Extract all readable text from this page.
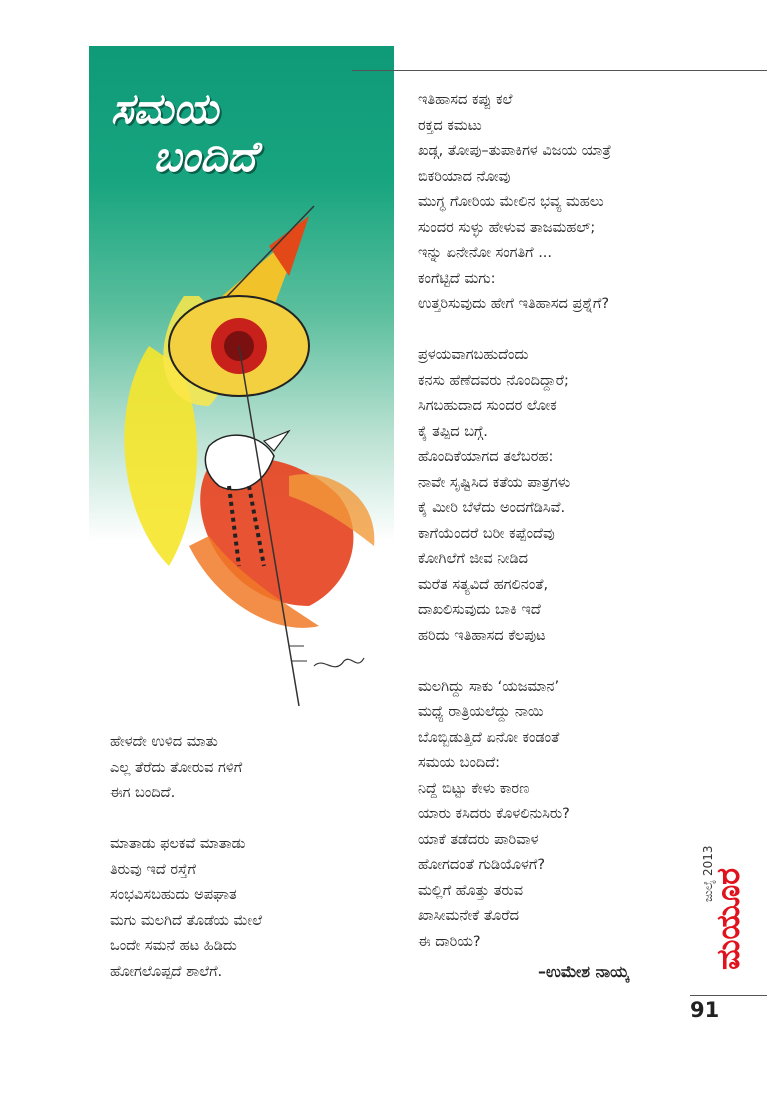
ಸಮಯ
ಬಂದಿದೆ
ಇತಿಹಾಸದ ಕಪ್ಪು ಕಲೆ
ರಕ್ತದ ಕಮಟು
ಖಡ್ಗ, ತೋಪು–ತುಪಾಕಿಗಳ ವಿಜಯ ಯಾತ್ರೆ
ಬಿಕರಿಯಾದ ನೋವು
ಮುಗ್ಧ ಗೋರಿಯ ಮೇಲಿನ ಭವ್ಯ ಮಹಲು
ಸುಂದರ ಸುಳ್ಳು ಹೇಳುವ ತಾಜಮಹಲ್;
ಇನ್ನು ಏನೇನೋ ಸಂಗತಿಗೆ ...
ಕಂಗೆಟ್ಟಿದೆ ಮಗು:
ಉತ್ತರಿಸುವುದು ಹೇಗೆ ಇತಿಹಾಸದ ಪ್ರಶ್ನೆಗೆ?
ಪ್ರಳಯವಾಗಬಹುದೆಂದು
ಕನಸು ಹೆಣೆದವರು ನೊಂದಿದ್ದಾರೆ;
ಸಿಗಬಹುದಾದ ಸುಂದರ ಲೋಕ
ಕೈ ತಪ್ಪಿದ ಬಗ್ಗೆ.
ಹೊಂದಿಕೆಯಾಗದ ತಲೆಬರಹ:
ನಾವೇ ಸೃಷ್ಟಿಸಿದ ಕತೆಯ ಪಾತ್ರಗಳು
ಕೈ ಮೀರಿ ಬೆಳೆದು ಅಂದಗೆಡಿಸಿವೆ.
ಕಾಗೆಯೆಂದರೆ ಬರೀ ಕಪ್ಪೆಂದೆವು
ಕೋಗಿಲೆಗೆ ಜೀವ ನೀಡಿದ
ಮರೆತ ಸತ್ಯವಿದೆ ಹಗಲಿನಂತೆ,
ದಾಖಲಿಸುವುದು ಬಾಕಿ ಇದೆ
ಹರಿದು ಇತಿಹಾಸದ ಕೆಲಪುಟ
ಮಲಗಿದ್ದು ಸಾಕು ‘ಯಜಮಾನ’
ಮಧ್ಯೆ ರಾತ್ರಿಯಲೆದ್ದು ನಾಯಿ
ಬೊಬ್ಬಿಡುತ್ತಿದೆ ಏನೋ ಕಂಡಂತೆ
ಸಮಯ ಬಂದಿದೆ:
ನಿದ್ದೆ ಬಿಟ್ಟು ಕೇಳು ಕಾರಣ
ಯಾರು ಕಸಿದರು ಕೊಳಲಿನುಸಿರು?
ಯಾಕೆ ತಡೆದರು ಪಾರಿವಾಳ
ಹೋಗದಂತೆ ಗುಡಿಯೊಳಗೆ?
ಮಲ್ಲಿಗೆ ಹೊತ್ತು ತರುವ
ಖಾಸೀಮನೇಕೆ ತೊರೆದ
ಈ ದಾರಿಯ?
ಹೇಳದೇ ಉಳಿದ ಮಾತು
ಎಲ್ಲ ತೆರೆದು ತೋರುವ ಗಳಿಗೆ
ಈಗ ಬಂದಿದೆ.
ಮಾತಾಡು ಫಲಕವೆ ಮಾತಾಡು
ತಿರುವು ಇದೆ ರಸ್ತೆಗೆ
ಸಂಭವಿಸಬಹುದು ಅಪಘಾತ
ಮಗು ಮಲಗಿದೆ ತೊಡೆಯ ಮೇಲೆ
ಒಂದೇ ಸಮನೆ ಹಟ ಹಿಡಿದು
ಹೋಗಲೊಪ್ಪದೆ ಶಾಲೆಗೆ.	–ಉಮೇಶ ನಾಯ್ಕ
ಮಯೂರ
ಜುಲೈ 2013
91
